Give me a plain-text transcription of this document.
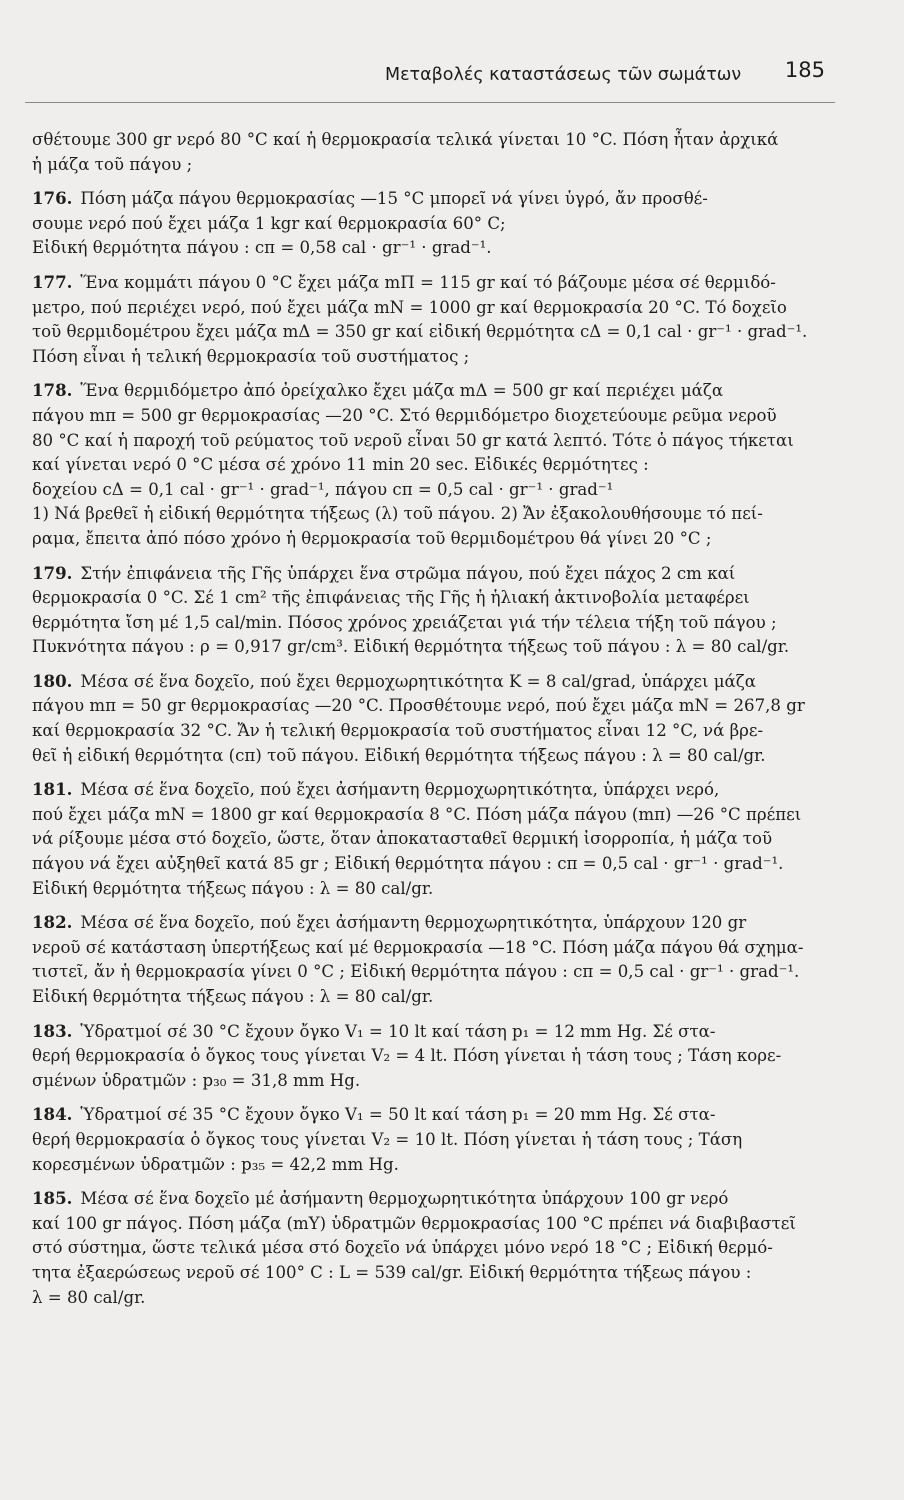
Μεταβολές καταστάσεως τῶν σωμάτων 185
σθέτουμε 300 gr νερό 80 °C καί ἡ θερμοκρασία τελικά γίνεται 10 °C. Πόση ἦταν ἀρχικά
ἡ μάζα τοῦ πάγου ;
176. Πόση μάζα πάγου θερμοκρασίας —15 °C μπορεῖ νά γίνει ὑγρό, ἄν προσθέ-
σουμε νερό πού ἔχει μάζα 1 kgr καί θερμοκρασία 60° C;
Εἰδική θερμότητα πάγου : cπ = 0,58 cal · gr⁻¹ · grad⁻¹.
177. Ἕνα κομμάτι πάγου 0 °C ἔχει μάζα mΠ = 115 gr καί τό βάζουμε μέσα σέ θερμιδό-
μετρο, πού περιέχει νερό, πού ἔχει μάζα mN = 1000 gr καί θερμοκρασία 20 °C. Τό δοχεῖο
τοῦ θερμιδομέτρου ἔχει μάζα mΔ = 350 gr καί εἰδική θερμότητα cΔ = 0,1 cal · gr⁻¹ · grad⁻¹.
Πόση εἶναι ἡ τελική θερμοκρασία τοῦ συστήματος ;
178. Ἕνα θερμιδόμετρο ἀπό ὀρείχαλκο ἔχει μάζα mΔ = 500 gr καί περιέχει μάζα
πάγου mπ = 500 gr θερμοκρασίας —20 °C. Στό θερμιδόμετρο διοχετεύουμε ρεῦμα νεροῦ
80 °C καί ἡ παροχή τοῦ ρεύματος τοῦ νεροῦ εἶναι 50 gr κατά λεπτό. Τότε ὁ πάγος τήκεται
καί γίνεται νερό 0 °C μέσα σέ χρόνο 11 min 20 sec. Εἰδικές θερμότητες :
δοχείου cΔ = 0,1 cal · gr⁻¹ · grad⁻¹, πάγου cπ = 0,5 cal · gr⁻¹ · grad⁻¹
1) Νά βρεθεῖ ἡ εἰδική θερμότητα τήξεως (λ) τοῦ πάγου. 2) Ἄν ἐξακολουθήσουμε τό πεί-
ραμα, ἔπειτα ἀπό πόσο χρόνο ἡ θερμοκρασία τοῦ θερμιδομέτρου θά γίνει 20 °C ;
179. Στήν ἐπιφάνεια τῆς Γῆς ὑπάρχει ἕνα στρῶμα πάγου, πού ἔχει πάχος 2 cm καί
θερμοκρασία 0 °C. Σέ 1 cm² τῆς ἐπιφάνειας τῆς Γῆς ἡ ἡλιακή ἀκτινοβολία μεταφέρει
θερμότητα ἴση μέ 1,5 cal/min. Πόσος χρόνος χρειάζεται γιά τήν τέλεια τήξη τοῦ πάγου ;
Πυκνότητα πάγου : ρ = 0,917 gr/cm³. Εἰδική θερμότητα τήξεως τοῦ πάγου : λ = 80 cal/gr.
180. Μέσα σέ ἕνα δοχεῖο, πού ἔχει θερμοχωρητικότητα K = 8 cal/grad, ὑπάρχει μάζα
πάγου mπ = 50 gr θερμοκρασίας —20 °C. Προσθέτουμε νερό, πού ἔχει μάζα mN = 267,8 gr
καί θερμοκρασία 32 °C. Ἄν ἡ τελική θερμοκρασία τοῦ συστήματος εἶναι 12 °C, νά βρε-
θεῖ ἡ εἰδική θερμότητα (cπ) τοῦ πάγου. Εἰδική θερμότητα τήξεως πάγου : λ = 80 cal/gr.
181. Μέσα σέ ἕνα δοχεῖο, πού ἔχει ἀσήμαντη θερμοχωρητικότητα, ὑπάρχει νερό,
πού ἔχει μάζα mN = 1800 gr καί θερμοκρασία 8 °C. Πόση μάζα πάγου (mπ) —26 °C πρέπει
νά ρίξουμε μέσα στό δοχεῖο, ὥστε, ὅταν ἀποκατασταθεῖ θερμική ἰσορροπία, ἡ μάζα τοῦ
πάγου νά ἔχει αὐξηθεῖ κατά 85 gr ; Εἰδική θερμότητα πάγου : cπ = 0,5 cal · gr⁻¹ · grad⁻¹.
Εἰδική θερμότητα τήξεως πάγου : λ = 80 cal/gr.
182. Μέσα σέ ἕνα δοχεῖο, πού ἔχει ἀσήμαντη θερμοχωρητικότητα, ὑπάρχουν 120 gr
νεροῦ σέ κατάσταση ὑπερτήξεως καί μέ θερμοκρασία —18 °C. Πόση μάζα πάγου θά σχημα-
τιστεῖ, ἄν ἡ θερμοκρασία γίνει 0 °C ; Εἰδική θερμότητα πάγου : cπ = 0,5 cal · gr⁻¹ · grad⁻¹.
Εἰδική θερμότητα τήξεως πάγου : λ = 80 cal/gr.
183. Ὑδρατμοί σέ 30 °C ἔχουν ὄγκο V₁ = 10 lt καί τάση p₁ = 12 mm Hg. Σέ στα-
θερή θερμοκρασία ὁ ὄγκος τους γίνεται V₂ = 4 lt. Πόση γίνεται ἡ τάση τους ; Τάση κορε-
σμένων ὑδρατμῶν : p₃₀ = 31,8 mm Hg.
184. Ὑδρατμοί σέ 35 °C ἔχουν ὄγκο V₁ = 50 lt καί τάση p₁ = 20 mm Hg. Σέ στα-
θερή θερμοκρασία ὁ ὄγκος τους γίνεται V₂ = 10 lt. Πόση γίνεται ἡ τάση τους ; Τάση
κορεσμένων ὑδρατμῶν : p₃₅ = 42,2 mm Hg.
185. Μέσα σέ ἕνα δοχεῖο μέ ἀσήμαντη θερμοχωρητικότητα ὑπάρχουν 100 gr νερό
καί 100 gr πάγος. Πόση μάζα (mY) ὑδρατμῶν θερμοκρασίας 100 °C πρέπει νά διαβιβαστεῖ
στό σύστημα, ὥστε τελικά μέσα στό δοχεῖο νά ὑπάρχει μόνο νερό 18 °C ; Εἰδική θερμό-
τητα ἐξαερώσεως νεροῦ σέ 100° C : L = 539 cal/gr. Εἰδική θερμότητα τήξεως πάγου :
λ = 80 cal/gr.
